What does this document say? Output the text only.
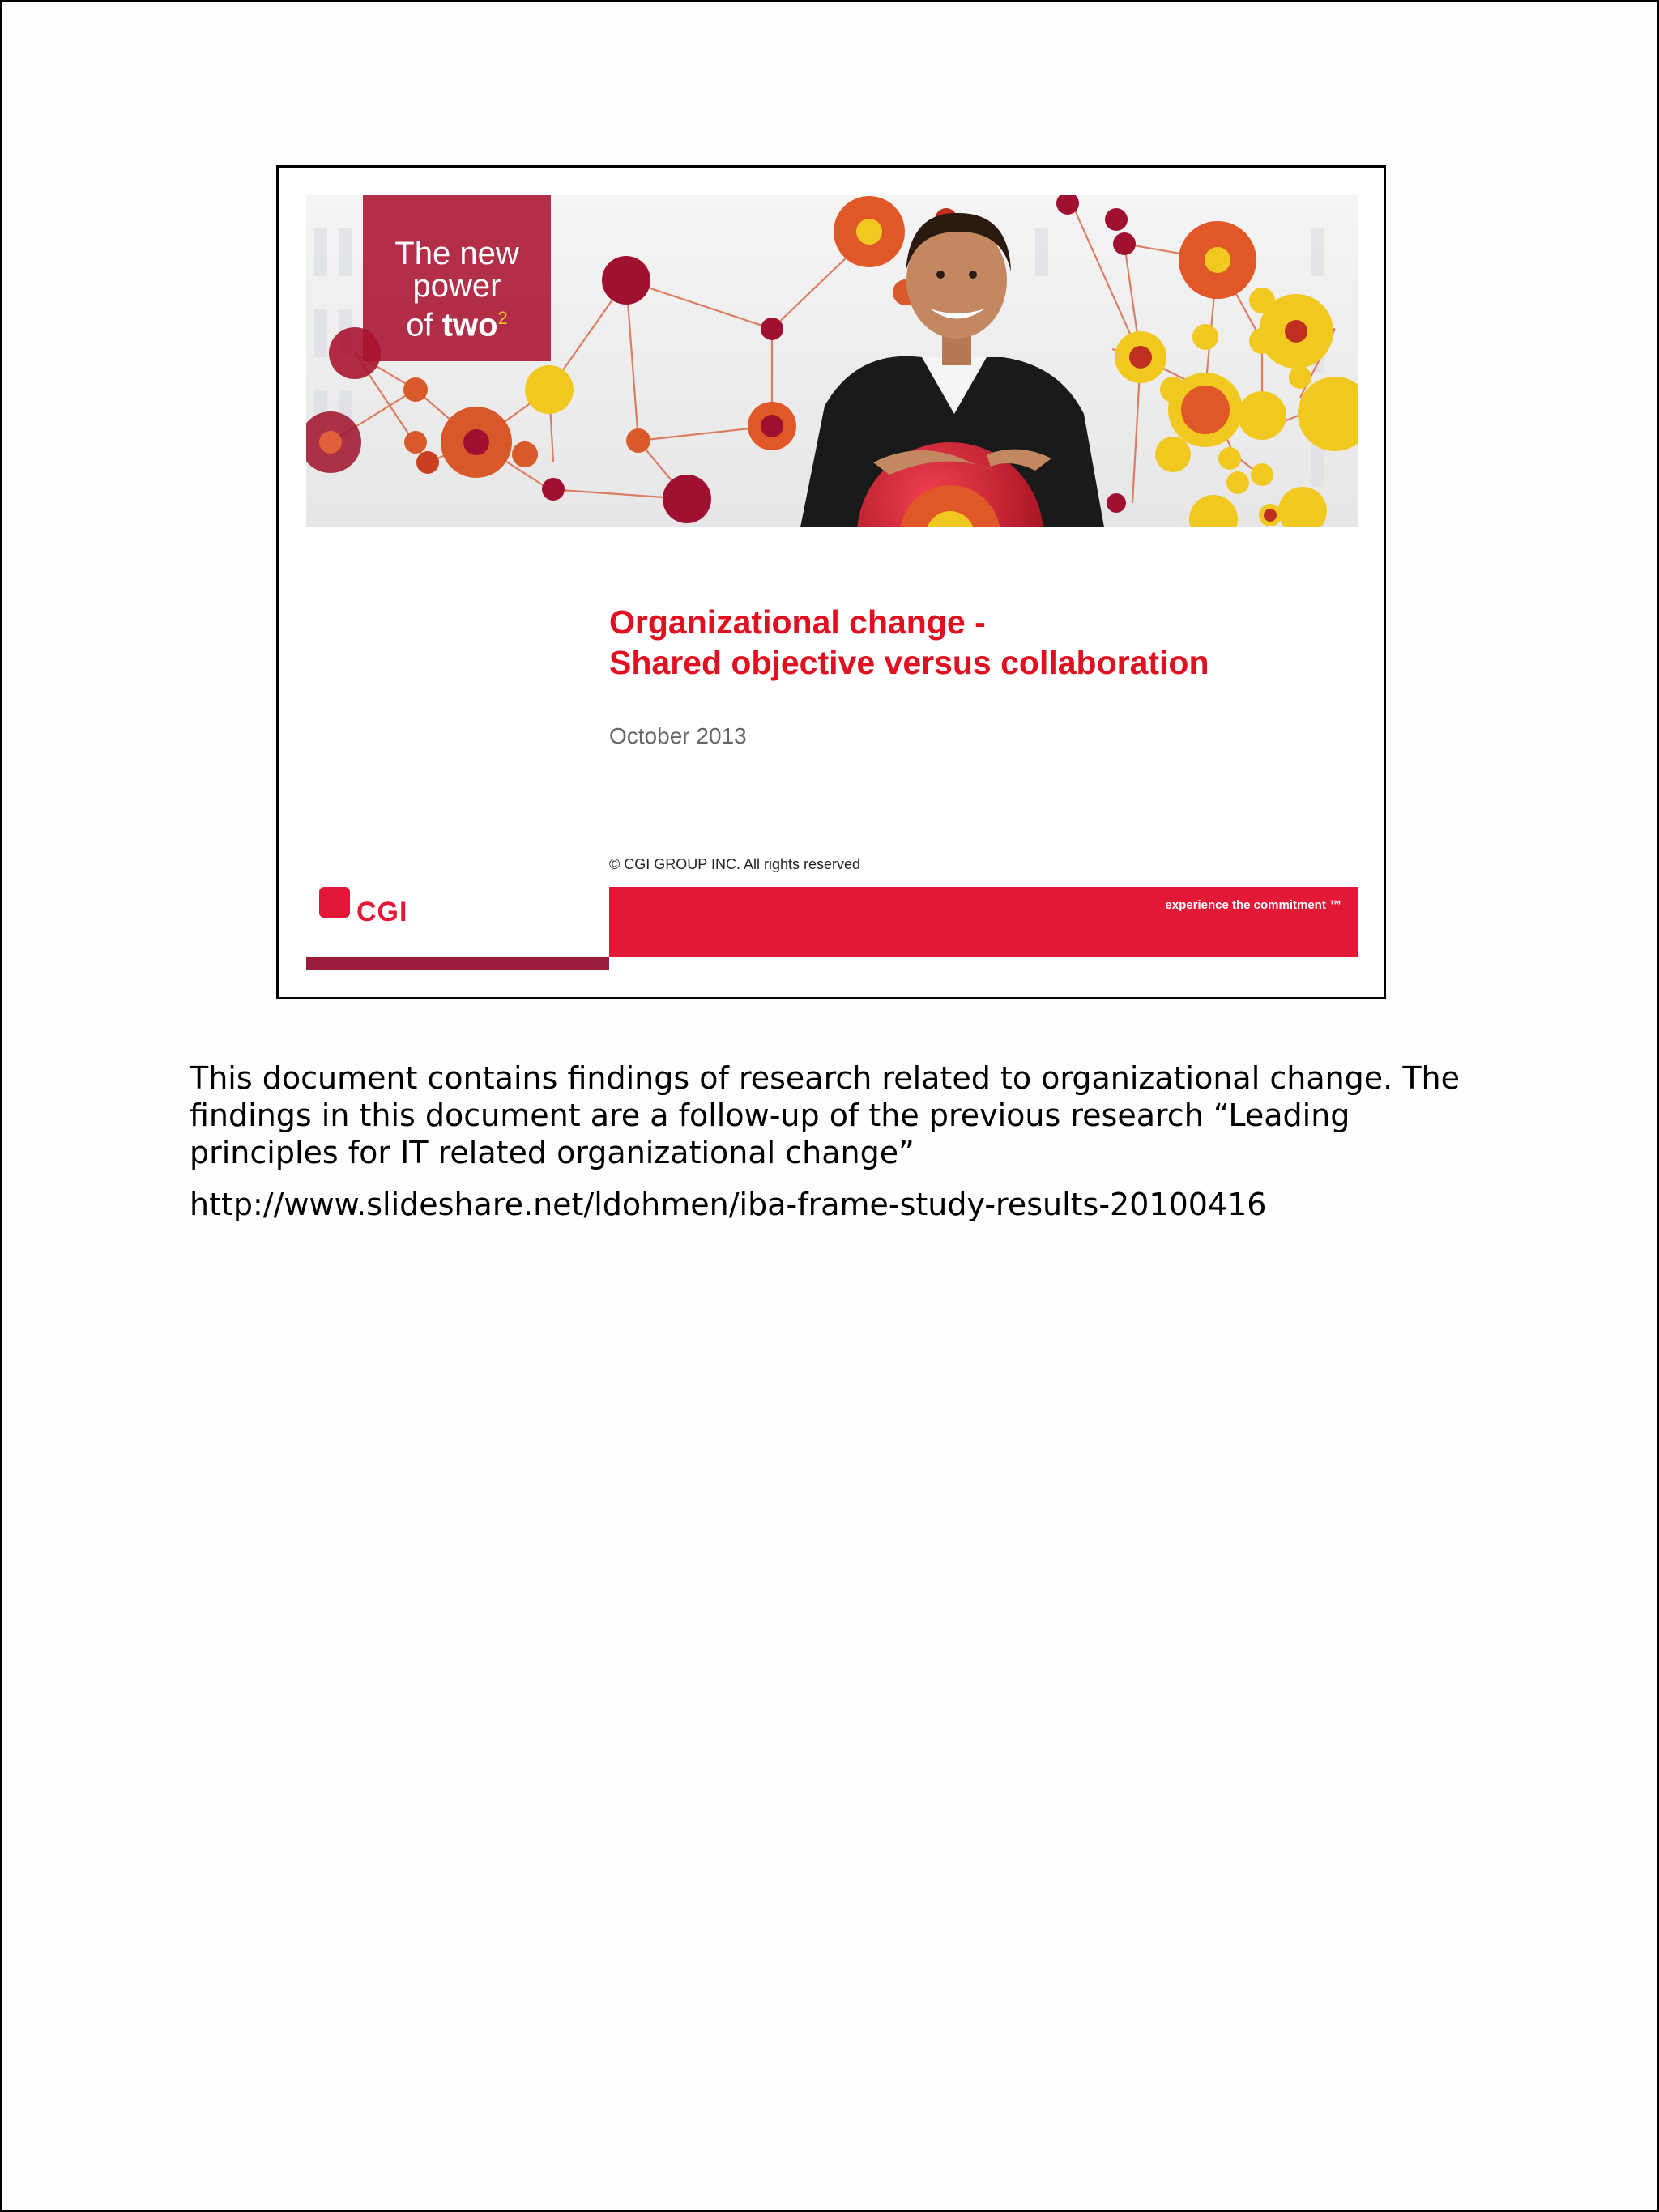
The new
power
of two$^2$
Organizational change -
Shared objective versus collaboration
October 2013
© CGI GROUP INC. All rights reserved
CGI	_experience the commitment ™
This document contains findings of research related to organizational change. The findings in this document are a follow-up of the previous research “Leading principles for IT related organizational change”
http://www.slideshare.net/ldohmen/iba-frame-study-results-20100416
